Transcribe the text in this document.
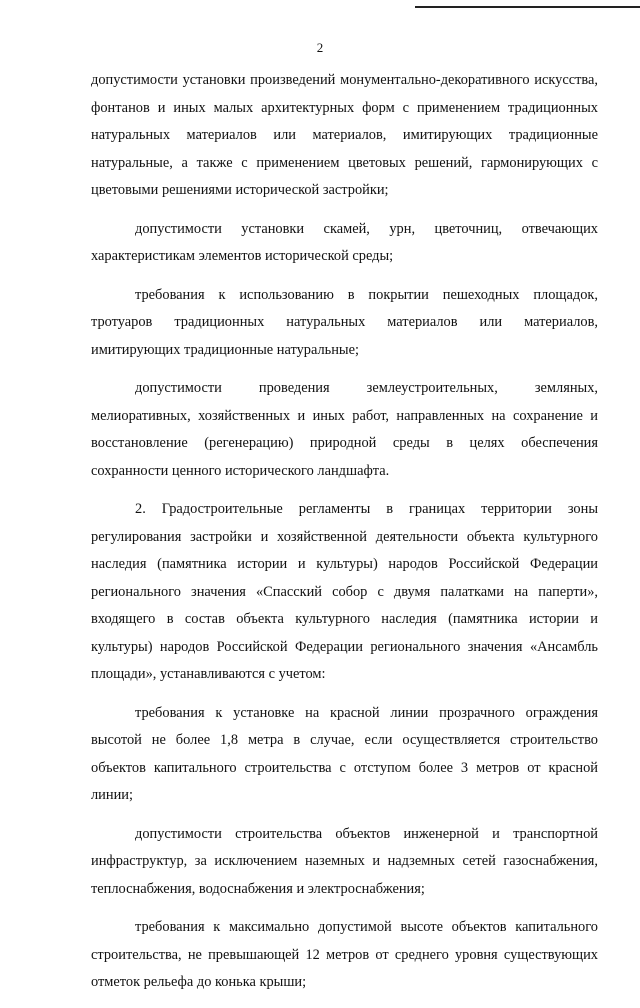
2

допустимости установки произведений монументально-декоративного искусства, фонтанов и иных малых архитектурных форм с применением традиционных натуральных материалов или материалов, имитирующих традиционные натуральные, а также с применением цветовых решений, гармонирующих с цветовыми решениями исторической застройки;

допустимости установки скамей, урн, цветочниц, отвечающих характеристикам элементов исторической среды;

требования к использованию в покрытии пешеходных площадок, тротуаров традиционных натуральных материалов или материалов, имитирующих традиционные натуральные;

допустимости проведения землеустроительных, земляных, мелиоративных, хозяйственных и иных работ, направленных на сохранение и восстановление (регенерацию) природной среды в целях обеспечения сохранности ценного исторического ландшафта.

2. Градостроительные регламенты в границах территории зоны регулирования застройки и хозяйственной деятельности объекта культурного наследия (памятника истории и культуры) народов Российской Федерации регионального значения «Спасский собор с двумя палатками на паперти», входящего в состав объекта культурного наследия (памятника истории и культуры) народов Российской Федерации регионального значения «Ансамбль площади», устанавливаются с учетом:

требования к установке на красной линии прозрачного ограждения высотой не более 1,8 метра в случае, если осуществляется строительство объектов капитального строительства с отступом более 3 метров от красной линии;

допустимости строительства объектов инженерной и транспортной инфраструктур, за исключением наземных и надземных сетей газоснабжения, теплоснабжения, водоснабжения и электроснабжения;

требования к максимально допустимой высоте объектов капитального строительства, не превышающей 12 метров от среднего уровня существующих отметок рельефа до конька крыши;
